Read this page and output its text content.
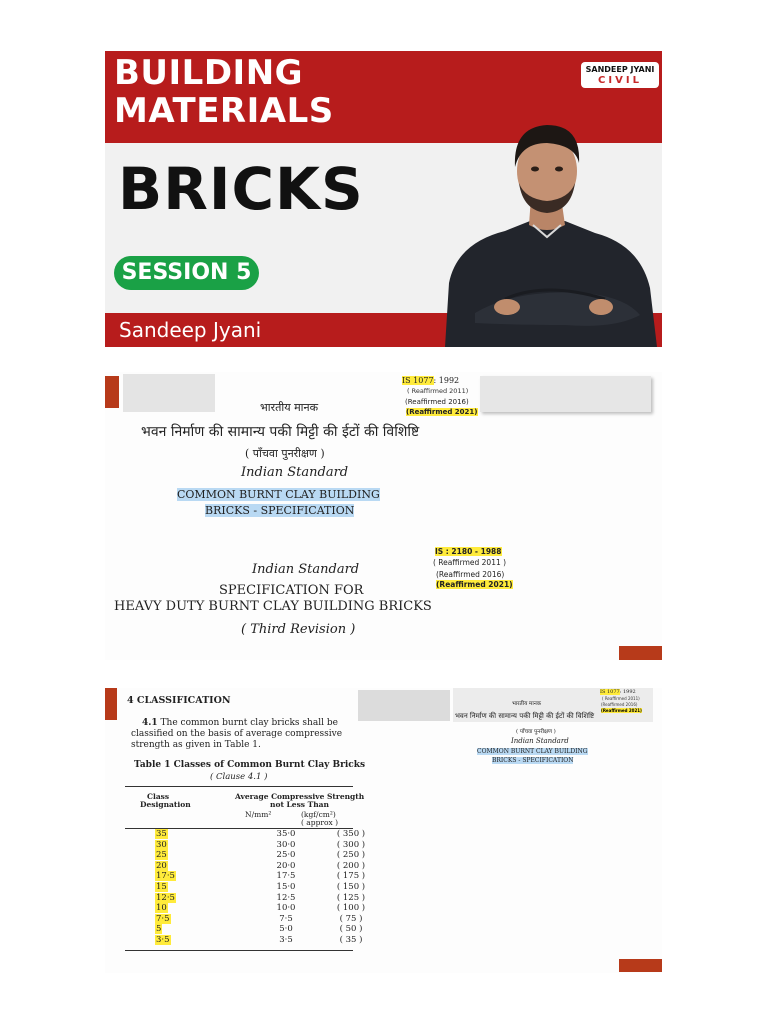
BUILDING
MATERIALS
SANDEEP JYANI
CIVIL
BRICKS
SESSION 5
Sandeep Jyani
IS 1077: 1992
( Reaffirmed 2011)
(Reaffirmed 2016)
(Reaffirmed 2021)
भारतीय मानक
भवन निर्माण की सामान्य पकी मिट्टी की ईटों की विशिष्टि
( पाँचवा पुनरीक्षण )
Indian Standard
COMMON BURNT CLAY BUILDING
BRICKS - SPECIFICATION
IS : 2180 - 1988
( Reaffirmed 2011 )
(Reaffirmed 2016)
(Reaffirmed 2021)
Indian Standard
SPECIFICATION FOR
HEAVY DUTY BURNT CLAY BUILDING BRICKS
( Third Revision )
4 CLASSIFICATION
4.1 The common burnt clay bricks shall be
classified on the basis of average compressive
strength as given in Table 1.
Table 1 Classes of Common Burnt Clay Bricks
( Clause 4.1 )
Class
Designation
Average Compressive Strength
not Less Than
N/mm²	(kgf/cm²)
( approx )
35	35·0	( 350 )
30	30·0	( 300 )
25	25·0	( 250 )
20	20·0	( 200 )
17·5	17·5	( 175 )
15	15·0	( 150 )
12·5	12·5	( 125 )
10	10·0	( 100 )
7·5	7·5	( 75 )
5	5·0	( 50 )
3·5	3·5	( 35 )
भारतीय मानक
IS 1077: 1992
( Reaffirmed 2011)
(Reaffirmed 2016)
(Reaffirmed 2021)
भवन निर्माण की सामान्य पकी मिट्टी की ईटों की विशिष्टि
( पाँचवा पुनरीक्षण )
Indian Standard
COMMON BURNT CLAY BUILDING
BRICKS - SPECIFICATION
